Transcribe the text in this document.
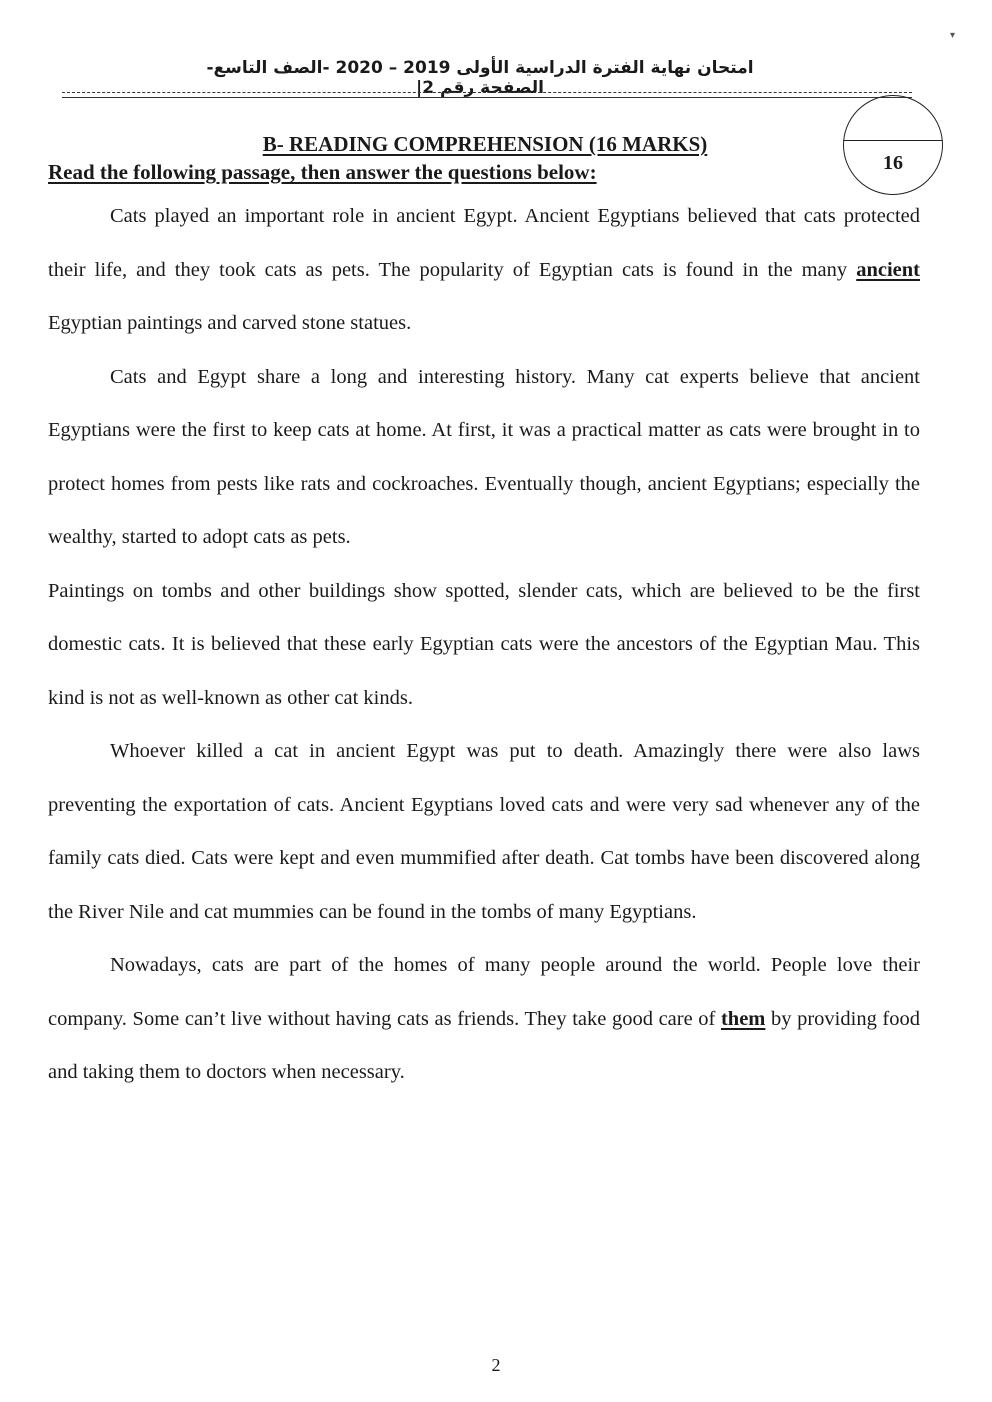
▾
امتحان نهاية الفترة الدراسية الأولى 2019 – 2020 -الصف التاسع- الصفحة رقم 2|
16
B- READING COMPREHENSION (16 MARKS)
Read the following passage, then answer the questions below:

Cats played an important role in ancient Egypt. Ancient Egyptians believed that cats protected their life, and they took cats as pets. The popularity of Egyptian cats is found in the many ancient Egyptian paintings and carved stone statues.

Cats and Egypt share a long and interesting history. Many cat experts believe that ancient Egyptians were the first to keep cats at home. At first, it was a practical matter as cats were brought in to protect homes from pests like rats and cockroaches. Eventually though, ancient Egyptians; especially the wealthy, started to adopt cats as pets.

Paintings on tombs and other buildings show spotted, slender cats, which are believed to be the first domestic cats. It is believed that these early Egyptian cats were the ancestors of the Egyptian Mau. This kind is not as well-known as other cat kinds.

Whoever killed a cat in ancient Egypt was put to death. Amazingly there were also laws preventing the exportation of cats. Ancient Egyptians loved cats and were very sad whenever any of the family cats died. Cats were kept and even mummified after death. Cat tombs have been discovered along the River Nile and cat mummies can be found in the tombs of many Egyptians.

Nowadays, cats are part of the homes of many people around the world. People love their company. Some can’t live without having cats as friends. They take good care of them by providing food and taking them to doctors when necessary.

2
